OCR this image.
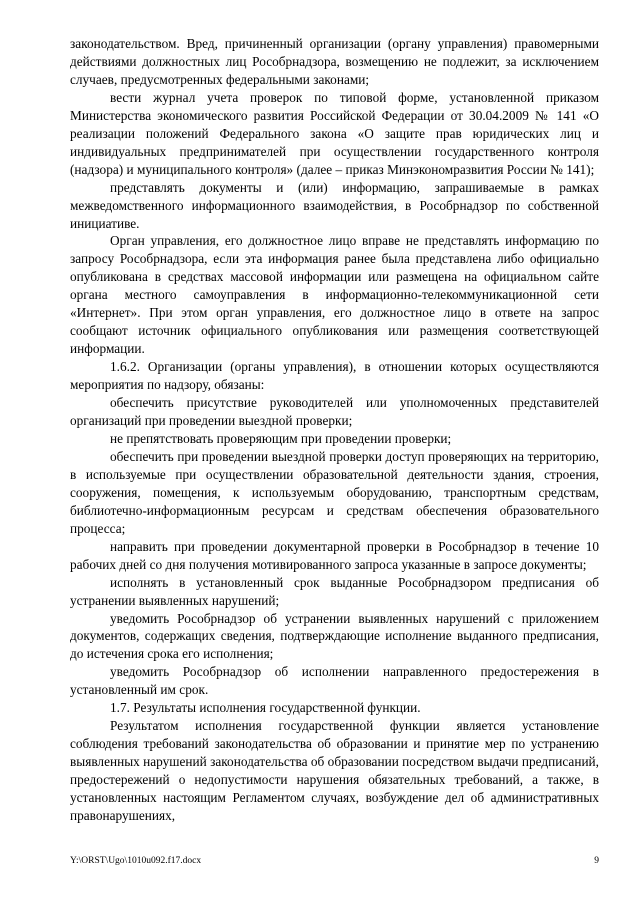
законодательством. Вред, причиненный организации (органу управления) правомерными действиями должностных лиц Рособрнадзора, возмещению не подлежит, за исключением случаев, предусмотренных федеральными законами;

вести журнал учета проверок по типовой форме, установленной приказом Министерства экономического развития Российской Федерации от 30.04.2009 № 141 «О реализации положений Федерального закона «О защите прав юридических лиц и индивидуальных предпринимателей при осуществлении государственного контроля (надзора) и муниципального контроля» (далее – приказ Минэкономразвития России № 141);

представлять документы и (или) информацию, запрашиваемые в рамках межведомственного информационного взаимодействия, в Рособрнадзор по собственной инициативе.

Орган управления, его должностное лицо вправе не представлять информацию по запросу Рособрнадзора, если эта информация ранее была представлена либо официально опубликована в средствах массовой информации или размещена на официальном сайте органа местного самоуправления в информационно-телекоммуникационной сети «Интернет». При этом орган управления, его должностное лицо в ответе на запрос сообщают источник официального опубликования или размещения соответствующей информации.

1.6.2. Организации (органы управления), в отношении которых осуществляются мероприятия по надзору, обязаны:

обеспечить присутствие руководителей или уполномоченных представителей организаций при проведении выездной проверки;

не препятствовать проверяющим при проведении проверки;

обеспечить при проведении выездной проверки доступ проверяющих на территорию, в используемые при осуществлении образовательной деятельности здания, строения, сооружения, помещения, к используемым оборудованию, транспортным средствам, библиотечно-информационным ресурсам и средствам обеспечения образовательного процесса;

направить при проведении документарной проверки в Рособрнадзор в течение 10 рабочих дней со дня получения мотивированного запроса указанные в запросе документы;

исполнять в установленный срок выданные Рособрнадзором предписания об устранении выявленных нарушений;

уведомить Рособрнадзор об устранении выявленных нарушений с приложением документов, содержащих сведения, подтверждающие исполнение выданного предписания, до истечения срока его исполнения;

уведомить Рособрнадзор об исполнении направленного предостережения в установленный им срок.

1.7. Результаты исполнения государственной функции.

Результатом исполнения государственной функции является установление соблюдения требований законодательства об образовании и принятие мер по устранению выявленных нарушений законодательства об образовании посредством выдачи предписаний, предостережений о недопустимости нарушения обязательных требований, а также, в установленных настоящим Регламентом случаях, возбуждение дел об административных правонарушениях,

Y:\ORST\Ugo\1010u092.f17.docx	9
